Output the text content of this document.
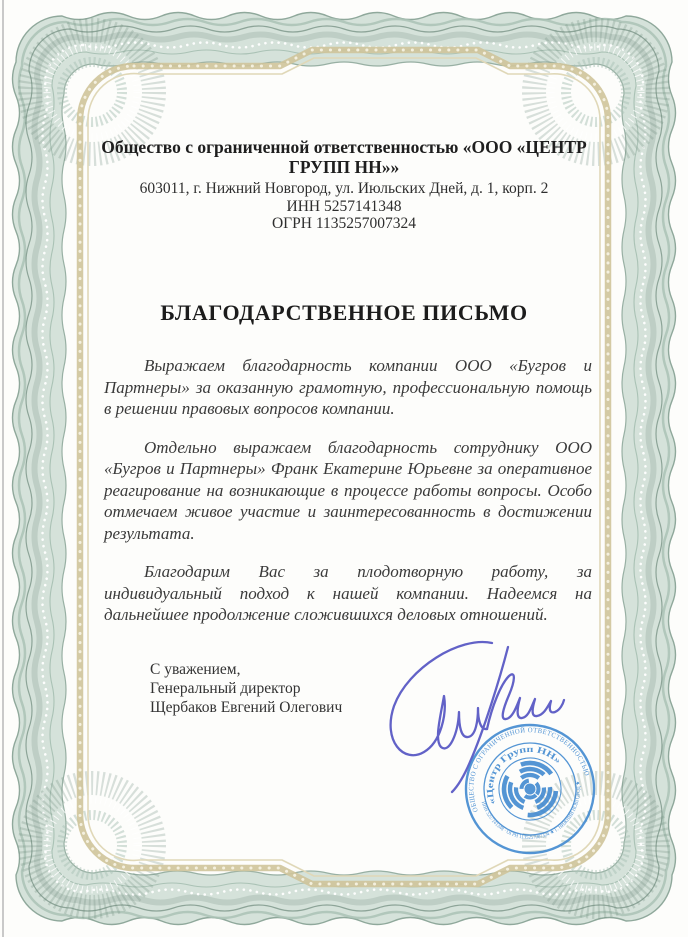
Общество с ограниченной ответственностью «ООО «ЦЕНТР ГРУПП НН»»
603011, г. Нижний Новгород, ул. Июльских Дней, д. 1, корп. 2
ИНН 5257141348
ОГРН 1135257007324
БЛАГОДАРСТВЕННОЕ ПИСЬМО

Выражаем благодарность компании ООО «Бугров и Партнеры» за оказанную грамотную, профессиональную помощь в решении правовых вопросов компании.

Отдельно выражаем благодарность сотруднику ООО «Бугров и Партнеры» Франк Екатерине Юрьевне за оперативное реагирование на возникающие в процессе работы вопросы. Особо отмечаем живое участие и заинтересованность в достижении результата.

Благодарим Вас за плодотворную работу, за индивидуальный подход к нашей компании. Надеемся на дальнейшее продолжение сложившихся деловых отношений.

С уважением,
Генеральный директор
Щербаков Евгений Олегович
ОБЩЕСТВО С ОГРАНИЧЕННОЙ ОТВЕТСТВЕННОСТЬЮ
ИНН 5257141348 · ОГРН 1135257007324 ★ Г. НИЖНИЙ НОВГОРОД ★
«Центр Групп НН»
